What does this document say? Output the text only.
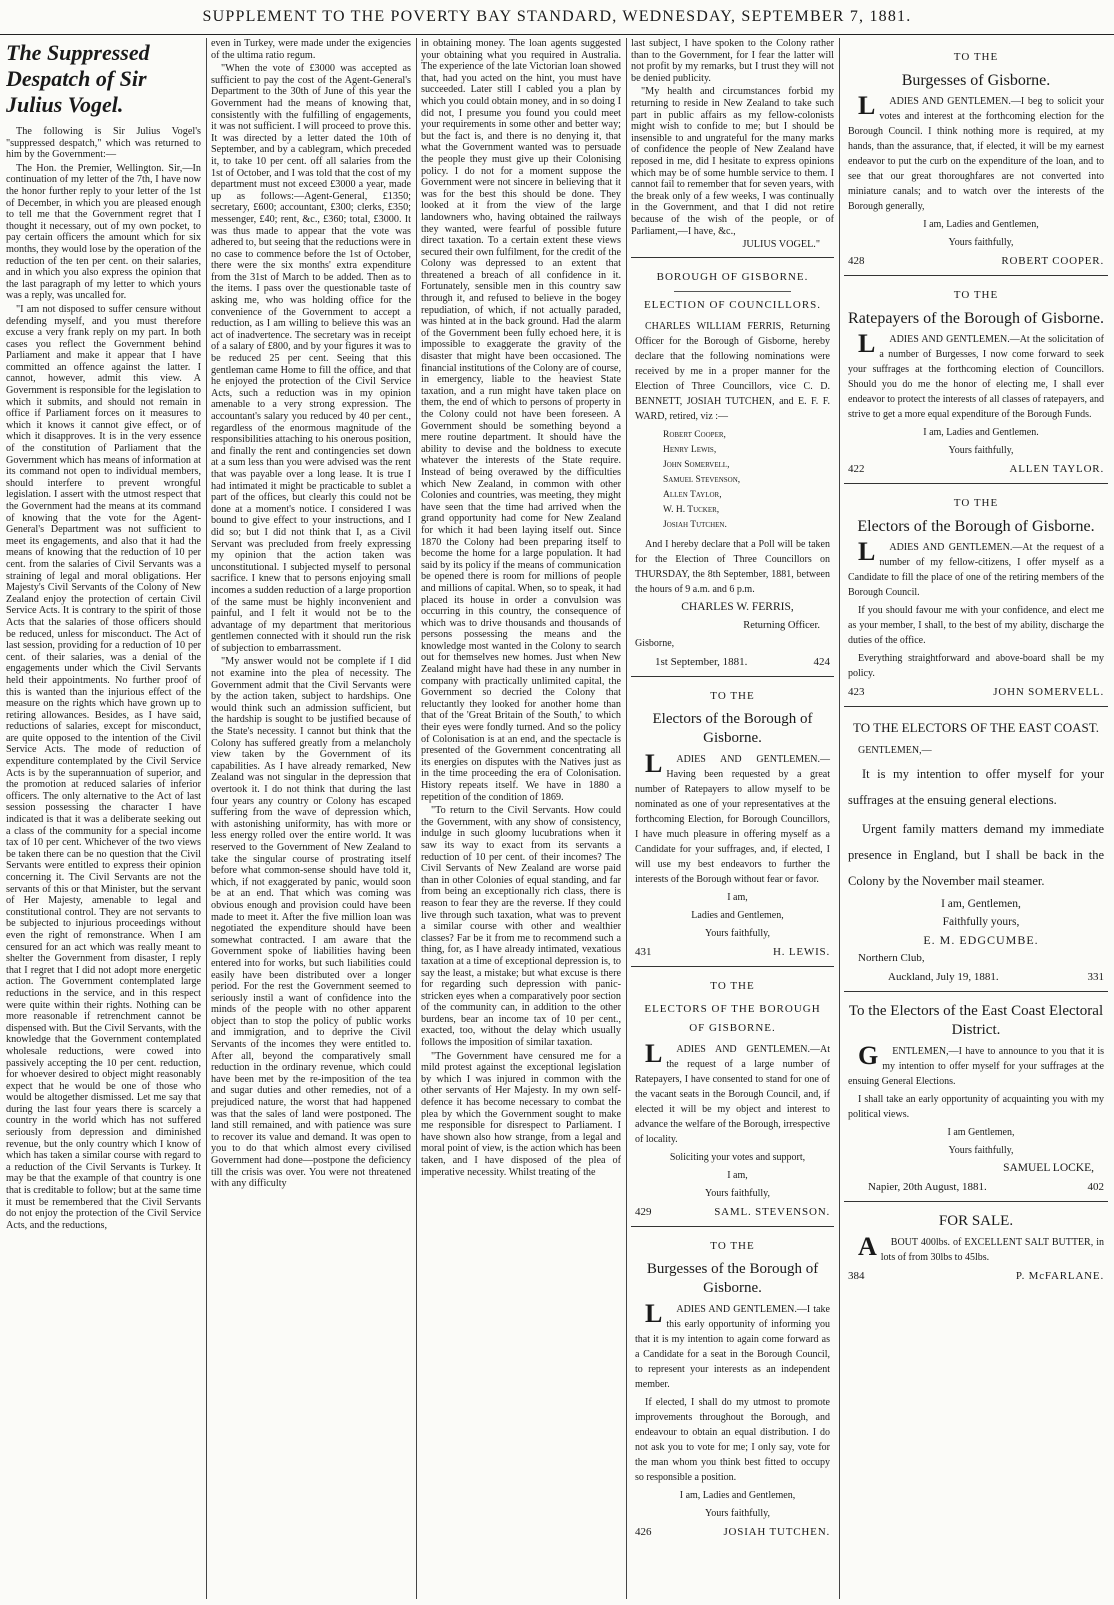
SUPPLEMENT TO THE POVERTY BAY STANDARD, WEDNESDAY, SEPTEMBER 7, 1881.
The Suppressed Despatch of Sir Julius Vogel.

The following is Sir Julius Vogel's "suppressed despatch," which was returned to him by the Government:—

The Hon. the Premier, Wellington. Sir,—In continuation of my letter of the 7th, I have now the honor further reply to your letter of the 1st of December, in which you are pleased enough to tell me that the Government regret that I thought it necessary, out of my own pocket, to pay certain officers the amount which for six months, they would lose by the operation of the reduction of the ten per cent. on their salaries, and in which you also express the opinion that the last paragraph of my letter to which yours was a reply, was uncalled for.

"I am not disposed to suffer censure without defending myself, and you must therefore excuse a very frank reply on my part. In both cases you reflect the Government behind Parliament and make it appear that I have committed an offence against the latter. I cannot, however, admit this view. A Government is responsible for the legislation to which it submits, and should not remain in office if Parliament forces on it measures to which it knows it cannot give effect, or of which it disapproves. It is in the very essence of the constitution of Parliament that the Government which has means of information at its command not open to individual members, should interfere to prevent wrongful legislation. I assert with the utmost respect that the Government had the means at its command of knowing that the vote for the Agent-General's Department was not sufficient to meet its engagements, and also that it had the means of knowing that the reduction of 10 per cent. from the salaries of Civil Servants was a straining of legal and moral obligations. Her Majesty's Civil Servants of the Colony of New Zealand enjoy the protection of certain Civil Service Acts. It is contrary to the spirit of those Acts that the salaries of those officers should be reduced, unless for misconduct. The Act of last session, providing for a reduction of 10 per cent. of their salaries, was a denial of the engagements under which the Civil Servants held their appointments. No further proof of this is wanted than the injurious effect of the measure on the rights which have grown up to retiring allowances. Besides, as I have said, reductions of salaries, except for misconduct, are quite opposed to the intention of the Civil Service Acts. The mode of reduction of expenditure contemplated by the Civil Service Acts is by the superannuation of superior, and the promotion at reduced salaries of inferior officers. The only alternative to the Act of last session possessing the character I have indicated is that it was a deliberate seeking out a class of the community for a special income tax of 10 per cent. Whichever of the two views be taken there can be no question that the Civil Servants were entitled to express their opinion concerning it. The Civil Servants are not the servants of this or that Minister, but the servant of Her Majesty, amenable to legal and constitutional control. They are not servants to be subjected to injurious proceedings without even the right of remonstrance. When I am censured for an act which was really meant to shelter the Government from disaster, I reply that I regret that I did not adopt more energetic action. The Government contemplated large reductions in the service, and in this respect were quite within their rights. Nothing can be more reasonable if retrenchment cannot be dispensed with. But the Civil Servants, with the knowledge that the Government contemplated wholesale reductions, were cowed into passively accepting the 10 per cent. reduction, for whoever desired to object might reasonably expect that he would be one of those who would be altogether dismissed. Let me say that during the last four years there is scarcely a country in the world which has not suffered seriously from depression and diminished revenue, but the only country which I know of which has taken a similar course with regard to a reduction of the Civil Servants is Turkey. It may be that the example of that country is one that is creditable to follow; but at the same time it must be remembered that the Civil Servants do not enjoy the protection of the Civil Service Acts, and the reductions,

even in Turkey, were made under the exigencies of the ultima ratio regum.

"When the vote of £3000 was accepted as sufficient to pay the cost of the Agent-General's Department to the 30th of June of this year the Government had the means of knowing that, consistently with the fulfilling of engagements, it was not sufficient. I will proceed to prove this. It was directed by a letter dated the 10th of September, and by a cablegram, which preceded it, to take 10 per cent. off all salaries from the 1st of October, and I was told that the cost of my department must not exceed £3000 a year, made up as follows:—Agent-General, £1350; secretary, £600; accountant, £300; clerks, £350; messenger, £40; rent, &c., £360; total, £3000. It was thus made to appear that the vote was adhered to, but seeing that the reductions were in no case to commence before the 1st of October, there were the six months' extra expenditure from the 31st of March to be added. Then as to the items. I pass over the questionable taste of asking me, who was holding office for the convenience of the Government to accept a reduction, as I am willing to believe this was an act of inadvertence. The secretary was in receipt of a salary of £800, and by your figures it was to be reduced 25 per cent. Seeing that this gentleman came Home to fill the office, and that he enjoyed the protection of the Civil Service Acts, such a reduction was in my opinion amenable to a very strong expression. The accountant's salary you reduced by 40 per cent., regardless of the enormous magnitude of the responsibilities attaching to his onerous position, and finally the rent and contingencies set down at a sum less than you were advised was the rent that was payable over a long lease. It is true I had intimated it might be practicable to sublet a part of the offices, but clearly this could not be done at a moment's notice. I considered I was bound to give effect to your instructions, and I did so; but I did not think that I, as a Civil Servant was precluded from freely expressing my opinion that the action taken was unconstitutional. I subjected myself to personal sacrifice. I knew that to persons enjoying small incomes a sudden reduction of a large proportion of the same must be highly inconvenient and painful, and I felt it would not be to the advantage of my department that meritorious gentlemen connected with it should run the risk of subjection to embarrassment.

"My answer would not be complete if I did not examine into the plea of necessity. The Government admit that the Civil Servants were by the action taken, subject to hardships. One would think such an admission sufficient, but the hardship is sought to be justified because of the State's necessity. I cannot but think that the Colony has suffered greatly from a melancholy view taken by the Government of its capabilities. As I have already remarked, New Zealand was not singular in the depression that overtook it. I do not think that during the last four years any country or Colony has escaped suffering from the wave of depression which, with astonishing uniformity, has with more or less energy rolled over the entire world. It was reserved to the Government of New Zealand to take the singular course of prostrating itself before what common-sense should have told it, which, if not exaggerated by panic, would soon be at an end. That which was coming was obvious enough and provision could have been made to meet it. After the five million loan was negotiated the expenditure should have been somewhat contracted. I am aware that the Government spoke of liabilities having been entered into for works, but such liabilities could easily have been distributed over a longer period. For the rest the Government seemed to seriously instil a want of confidence into the minds of the people with no other apparent object than to stop the policy of public works and immigration, and to deprive the Civil Servants of the incomes they were entitled to. After all, beyond the comparatively small reduction in the ordinary revenue, which could have been met by the re-imposition of the tea and sugar duties and other remedies, not of a prejudiced nature, the worst that had happened was that the sales of land were postponed. The land still remained, and with patience was sure to recover its value and demand. It was open to you to do that which almost every civilised Government had done—postpone the deficiency till the crisis was over. You were not threatened with any difficulty

in obtaining money. The loan agents suggested your obtaining what you required in Australia. The experience of the late Victorian loan showed that, had you acted on the hint, you must have succeeded. Later still I cabled you a plan by which you could obtain money, and in so doing I did not, I presume you found you could meet your requirements in some other and better way; but the fact is, and there is no denying it, that what the Government wanted was to persuade the people they must give up their Colonising policy. I do not for a moment suppose the Government were not sincere in believing that it was for the best this should be done. They looked at it from the view of the large landowners who, having obtained the railways they wanted, were fearful of possible future direct taxation. To a certain extent these views secured their own fulfilment, for the credit of the Colony was depressed to an extent that threatened a breach of all confidence in it. Fortunately, sensible men in this country saw through it, and refused to believe in the bogey repudiation, of which, if not actually paraded, was hinted at in the back ground. Had the alarm of the Government been fully echoed here, it is impossible to exaggerate the gravity of the disaster that might have been occasioned. The financial institutions of the Colony are of course, in emergency, liable to the heaviest State taxation, and a run might have taken place on them, the end of which to persons of property in the Colony could not have been foreseen. A Government should be something beyond a mere routine department. It should have the ability to devise and the boldness to execute whatever the interests of the State require. Instead of being overawed by the difficulties which New Zealand, in common with other Colonies and countries, was meeting, they might have seen that the time had arrived when the grand opportunity had come for New Zealand for which it had been laying itself out. Since 1870 the Colony had been preparing itself to become the home for a large population. It had said by its policy if the means of communication be opened there is room for millions of people and millions of capital. When, so to speak, it had placed its house in order a convulsion was occurring in this country, the consequence of which was to drive thousands and thousands of persons possessing the means and the knowledge most wanted in the Colony to search out for themselves new homes. Just when New Zealand might have had these in any number in company with practically unlimited capital, the Government so decried the Colony that reluctantly they looked for another home than that of the 'Great Britain of the South,' to which their eyes were fondly turned. And so the policy of Colonisation is at an end, and the spectacle is presented of the Government concentrating all its energies on disputes with the Natives just as in the time proceeding the era of Colonisation. History repeats itself. We have in 1880 a repetition of the condition of 1869.

"To return to the Civil Servants. How could the Government, with any show of consistency, indulge in such gloomy lucubrations when it saw its way to exact from its servants a reduction of 10 per cent. of their incomes? The Civil Servants of New Zealand are worse paid than in other Colonies of equal standing, and far from being an exceptionally rich class, there is reason to fear they are the reverse. If they could live through such taxation, what was to prevent a similar course with other and wealthier classes? Far be it from me to recommend such a thing, for, as I have already intimated, vexatious taxation at a time of exceptional depression is, to say the least, a mistake; but what excuse is there for regarding such depression with panic-stricken eyes when a comparatively poor section of the community can, in addition to the other burdens, bear an income tax of 10 per cent., exacted, too, without the delay which usually follows the imposition of similar taxation.

"The Government have censured me for a mild protest against the exceptional legislation by which I was injured in common with the other servants of Her Majesty. In my own self-defence it has become necessary to combat the plea by which the Government sought to make me responsible for disrespect to Parliament. I have shown also how strange, from a legal and moral point of view, is the action which has been taken, and I have disposed of the plea of imperative necessity. Whilst treating of the

last subject, I have spoken to the Colony rather than to the Government, for I fear the latter will not profit by my remarks, but I trust they will not be denied publicity.

"My health and circumstances forbid my returning to reside in New Zealand to take such part in public affairs as my fellow-colonists might wish to confide to me; but I should be insensible to and ungrateful for the many marks of confidence the people of New Zealand have reposed in me, did I hesitate to express opinions which may be of some humble service to them. I cannot fail to remember that for seven years, with the break only of a few weeks, I was continually in the Government, and that I did not retire because of the wish of the people, or of Parliament,—I have, &c.,

JULIUS VOGEL."
BOROUGH OF GISBORNE.
ELECTION OF COUNCILLORS.

CHARLES WILLIAM FERRIS, Returning Officer for the Borough of Gisborne, hereby declare that the following nominations were received by me in a proper manner for the Election of Three Councillors, vice C. D. BENNETT, JOSIAH TUTCHEN, and E. F. F. WARD, retired, viz :—

Robert Cooper,
Henry Lewis,
John Somervell,
Samuel Stevenson,
Allen Taylor,
W. H. Tucker,
Josiah Tutchen.

And I hereby declare that a Poll will be taken for the Election of Three Councillors on THURSDAY, the 8th September, 1881, between the hours of 9 a.m. and 6 p.m.

CHARLES W. FERRIS,

Returning Officer.

Gisborne,
1st September, 1881.	424
TO THE
Electors of the Borough of Gisborne.

L ADIES AND GENTLEMEN.—Having been requested by a great number of Ratepayers to allow myself to be nominated as one of your representatives at the forthcoming Election, for Borough Councillors, I have much pleasure in offering myself as a Candidate for your suffrages, and, if elected, I will use my best endeavors to further the interests of the Borough without fear or favor.

I am,

Ladies and Gentlemen,

Yours faithfully,

431	H. LEWIS.
TO THE
ELECTORS OF THE BOROUGH OF GISBORNE.

L ADIES AND GENTLEMEN.—At the request of a large number of Ratepayers, I have consented to stand for one of the vacant seats in the Borough Council, and, if elected it will be my object and interest to advance the welfare of the Borough, irrespective of locality.

Soliciting your votes and support,

I am,

Yours faithfully,

429	SAML. STEVENSON.
TO THE
Burgesses of the Borough of Gisborne.

L ADIES AND GENTLEMEN.—I take this early opportunity of informing you that it is my intention to again come forward as a Candidate for a seat in the Borough Council, to represent your interests as an independent member.

If elected, I shall do my utmost to promote improvements throughout the Borough, and endeavour to obtain an equal distribution. I do not ask you to vote for me; I only say, vote for the man whom you think best fitted to occupy so responsible a position.

I am, Ladies and Gentlemen,

Yours faithfully,

426	JOSIAH TUTCHEN.
TO THE
Burgesses of Gisborne.

L ADIES AND GENTLEMEN.—I beg to solicit your votes and interest at the forthcoming election for the Borough Council. I think nothing more is required, at my hands, than the assurance, that, if elected, it will be my earnest endeavor to put the curb on the expenditure of the loan, and to see that our great thoroughfares are not converted into miniature canals; and to watch over the interests of the Borough generally,

I am, Ladies and Gentlemen,

Yours faithfully,

428	ROBERT COOPER.
TO THE
Ratepayers of the Borough of Gisborne.

L ADIES AND GENTLEMEN.—At the solicitation of a number of Burgesses, I now come forward to seek your suffrages at the forthcoming election of Councillors. Should you do me the honor of electing me, I shall ever endeavor to protect the interests of all classes of ratepayers, and strive to get a more equal expenditure of the Borough Funds.

I am, Ladies and Gentlemen.

Yours faithfully,

422	ALLEN TAYLOR.
TO THE
Electors of the Borough of Gisborne.

L ADIES AND GENTLEMEN.—At the request of a number of my fellow-citizens, I offer myself as a Candidate to fill the place of one of the retiring members of the Borough Council.

If you should favour me with your confidence, and elect me as your member, I shall, to the best of my ability, discharge the duties of the office.

Everything straightforward and above-board shall be my policy.

423	JOHN SOMERVELL.
TO THE ELECTORS OF THE EAST COAST.

GENTLEMEN,—

It is my intention to offer myself for your suffrages at the ensuing general elections.

Urgent family matters demand my immediate presence in England, but I shall be back in the Colony by the November mail steamer.

I am, Gentlemen,

Faithfully yours,

E. M. EDGCUMBE.

Northern Club,

Auckland, July 19, 1881.	331
To the Electors of the East Coast Electoral District.

G ENTLEMEN,—I have to announce to you that it is my intention to offer myself for your suffrages at the ensuing General Elections.

I shall take an early opportunity of acquainting you with my political views.

I am Gentlemen,

Yours faithfully,

SAMUEL LOCKE,

Napier, 20th August, 1881.	402
FOR SALE.

A BOUT 400lbs. of EXCELLENT SALT BUTTER, in lots of from 30lbs to 45lbs.

384	P. McFARLANE.
